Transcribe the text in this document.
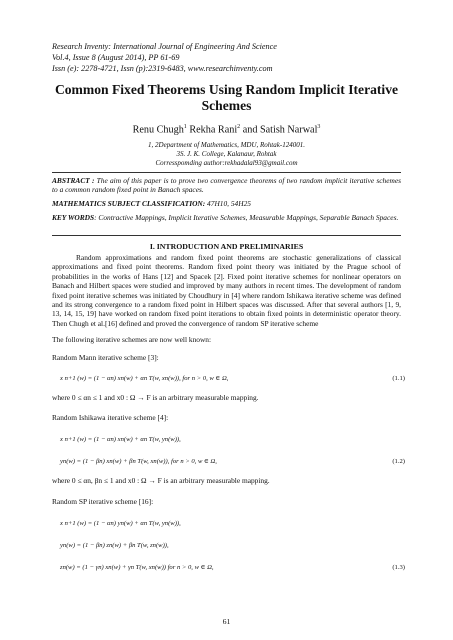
Research Inventy: International Journal of Engineering And Science
Vol.4, Issue 8 (August 2014), PP 61-69
Issn (e): 2278-4721, Issn (p):2319-6483, www.researchinventy.com
Common Fixed Theorems Using Random Implicit Iterative
Schemes
Renu Chugh$^1$ Rekha Rani$^2$ and Satish Narwal$^3$
1, 2Department of Mathematics, MDU, Rohtak-124001.
3S. J. K. College, Kalanaur, Rohtak
Corresspomding author:rekhadalal93@gmail.com
ABSTRACT : The aim of this paper is to prove two convergence theorems of two random implicit iterative schemes to a common random fixed point in Banach spaces.
MATHEMATICS SUBJECT CLASSIFICATION: 47H10, 54H25
KEY WORDS: Contractive Mappings, Implicit Iterative Schemes, Measurable Mappings, Separable Banach Spaces.
I. INTRODUCTION AND PRELIMINARIES
Random approximations and random fixed point theorems are stochastic generalizations of classical approximations and fixed point theorems. Random fixed point theory was initiated by the Prague school of probabilities in the works of Hans [12] and Spacek [2]. Fixed point iterative schemes for nonlinear operators on Banach and Hilbert spaces were studied and improved by many authors in recent times. The development of random fixed point iterative schemes was initiated by Choudhury in [4] where random Ishikawa iterative scheme was defined and its strong convergence to a random fixed point in Hilbert spaces was discussed. After that several authors [1, 9, 13, 14, 15, 19] have worked on random fixed point iterations to obtain fixed points in deterministic operator theory. Then Chugh et al.[16] defined and proved the convergence of random SP iterative scheme
The following iterative schemes are now well known:
Random Mann iterative scheme [3]:
x n+1 (w) = (1 − αn) xn(w) + αn T(w, xn(w)), for n > 0, w ∈ Ω,	(1.1)
where 0 ≤ αn ≤ 1 and x0 : Ω → F is an arbitrary measurable mapping.
Random Ishikawa iterative scheme [4]:
x n+1 (w) = (1 − αn) xn(w) + αn T(w, yn(w)),
yn(w) = (1 − βn) xn(w) + βn T(w, xn(w)), for n > 0, w ∈ Ω,	(1.2)
where 0 ≤ αn, βn ≤ 1 and x0 : Ω → F is an arbitrary measurable mapping.
Random SP iterative scheme [16]:
x n+1 (w) = (1 − αn) yn(w) + αn T(w, yn(w)),
yn(w) = (1 − βn) zn(w) + βn T(w, zn(w)),
zn(w) = (1 − γn) xn(w) + γn T(w, xn(w)) for n > 0, w ∈ Ω,	(1.3)
61
